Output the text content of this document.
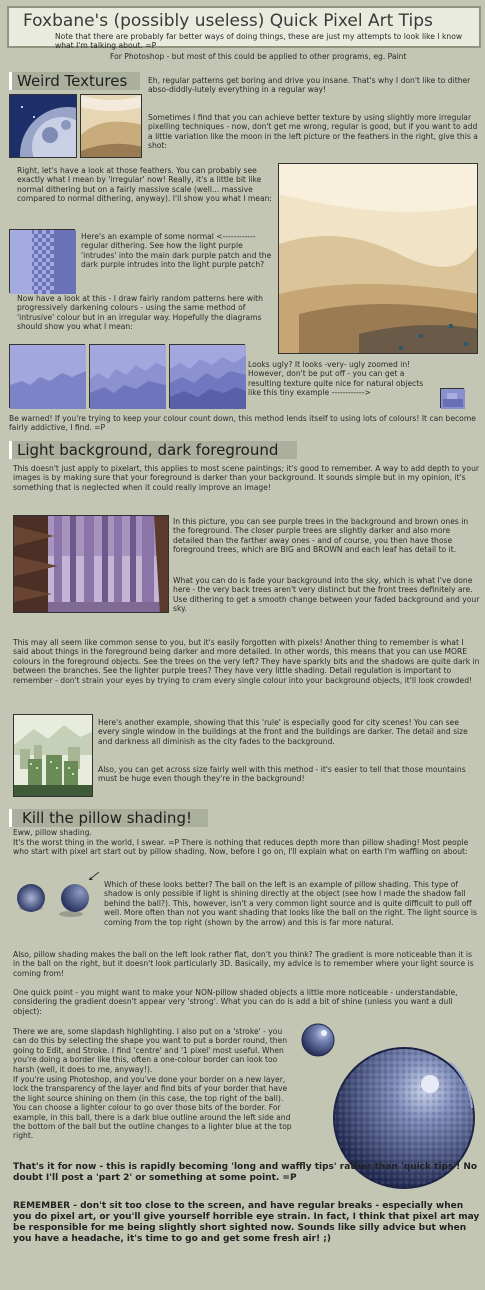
Foxbane's (possibly useless) Quick Pixel Art Tips
Note that there are probably far better ways of doing things, these are just my attempts to look like I know what I'm talking about. =P
For Photoshop - but most of this could be applied to other programs, eg. Paint
Weird Textures	Eh, regular patterns get boring and drive you insane. That's why I don't like to dither abso-diddly-lutely everything in a regular way!
Sometimes I find that you can achieve better texture by using slightly more irregular pixelling techniques - now, don't get me wrong, regular is good, but if you want to add a little variation like the moon in the left picture or the feathers in the right, give this a shot:
Right, let's have a look at those feathers. You can probably see exactly what I mean by 'irregular' now! Really, it's a little bit like normal dithering but on a fairly massive scale (well... massive compared to normal dithering, anyway). I'll show you what I mean:
Here's an example of some normal <------------ regular dithering. See how the light purple 'intrudes' into the main dark purple patch and the dark purple intrudes into the light purple patch?
Now have a look at this - I draw fairly random patterns here with progressively darkening colours - using the same method of 'intrusive' colour but in an irregular way. Hopefully the diagrams should show you what I mean:
Looks ugly? It looks -very- ugly zoomed in! However, don't be put off - you can get a resulting texture quite nice for natural objects like this tiny example ------------>
Be warned! If you're trying to keep your colour count down, this method lends itself to using lots of colours! It can become fairly addictive, I find. =P
Light background, dark foreground
This doesn't just apply to pixelart, this applies to most scene paintings; it's good to remember. A way to add depth to your images is by making sure that your foreground is darker than your background. It sounds simple but in my opinion, it's something that is neglected when it could really improve an image!
In this picture, you can see purple trees in the background and brown ones in the foreground. The closer purple trees are slightly darker and also more detailed than the farther away ones - and of course, you then have those foreground trees, which are BIG and BROWN and each leaf has detail to it.
What you can do is fade your background into the sky, which is what I've done here - the very back trees aren't very distinct but the front trees definitely are. Use dithering to get a smooth change between your faded background and your sky.
This may all seem like common sense to you, but it's easily forgotten with pixels! Another thing to remember is what I said about things in the foreground being darker and more detailed. In other words, this means that you can use MORE colours in the foreground objects. See the trees on the very left? They have sparkly bits and the shadows are quite dark in between the branches. See the lighter purple trees? They have very little shading. Detail regulation is important to remember - don't strain your eyes by trying to cram every single colour into your background objects, it'll look crowded!
Here's another example, showing that this 'rule' is especially good for city scenes! You can see every single window in the buildings at the front and the buildings are darker. The detail and size and darkness all diminish as the city fades to the background.
Also, you can get across size fairly well with this method - it's easier to tell that those mountains must be huge even though they're in the background!
Kill the pillow shading!
Eww, pillow shading.
It's the worst thing in the world, I swear. =P There is nothing that reduces depth more than pillow shading! Most people who start with pixel art start out by pillow shading. Now, before I go on, I'll explain what on earth I'm waffling on about:
Which of these looks better? The ball on the left is an example of pillow shading. This type of shadow is only possible if light is shining directly at the object (see how I made the shadow fall behind the ball?). This, however, isn't a very common light source and is quite difficult to pull off well. More often than not you want shading that looks like the ball on the right. The light source is coming from the top right (shown by the arrow) and this is far more natural.
Also, pillow shading makes the ball on the left look rather flat, don't you think? The gradient is more noticeable than it is in the ball on the right, but it doesn't look particularly 3D. Basically, my advice is to remember where your light source is coming from!
One quick point - you might want to make your NON-pillow shaded objects a little more noticeable - understandable, considering the gradient doesn't appear very 'strong'. What you can do is add a bit of shine (unless you want a dull object):
There we are, some slapdash highlighting. I also put on a 'stroke' - you can do this by selecting the shape you want to put a border round, then going to Edit, and Stroke. I find 'centre' and '1 pixel' most useful. When you're doing a border like this, often a one-colour border can look too harsh (well, it does to me, anyway!).
If you're using Photoshop, and you've done your border on a new layer, lock the transparency of the layer and find bits of your border that have the light source shining on them (in this case, the top right of the ball). You can choose a lighter colour to go over those bits of the border. For example, in this ball, there is a dark blue outline around the left side and the bottom of the ball but the outline changes to a lighter blue at the top right.
That's it for now - this is rapidly becoming 'long and waffly tips' rather than 'quick tips'! No doubt I'll post a 'part 2' or something at some point. =P
REMEMBER - don't sit too close to the screen, and have regular breaks - especially when you do pixel art, or you'll give yourself horrible eye strain. In fact, I think that pixel art may be responsible for me being slightly short sighted now. Sounds like silly advice but when you have a headache, it's time to go and get some fresh air! ;)
